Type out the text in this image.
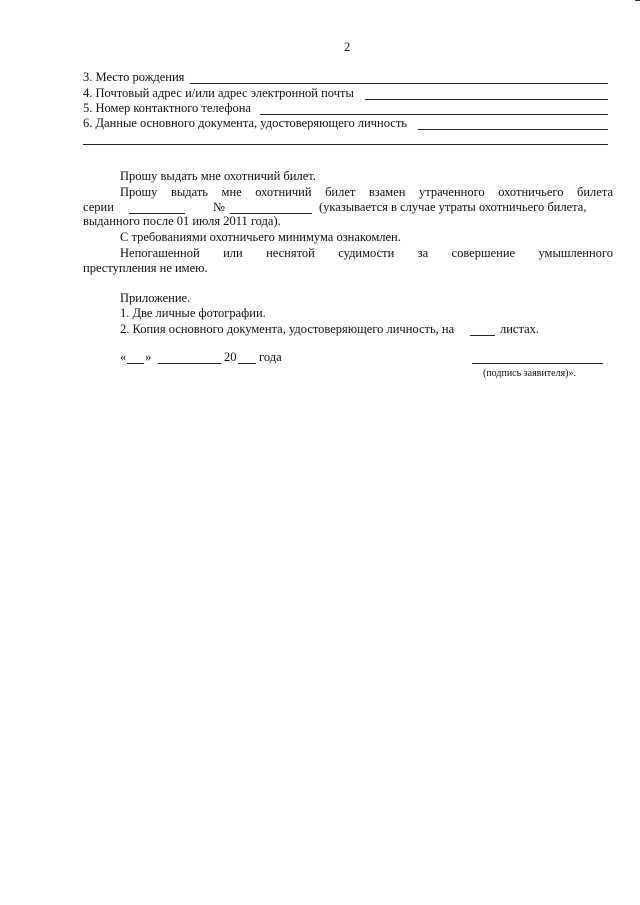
2
3. Место рождения
4. Почтовый адрес и/или адрес электронной почты
5. Номер контактного телефона
6. Данные основного документа, удостоверяющего личность
Прошу выдать мне охотничий билет.
Прошу выдать мне охотничий билет взамен утраченного охотничьего билета
серии	№	(указывается в случае утраты охотничьего билета,
выданного после 01 июля 2011 года).
С требованиями охотничьего минимума ознакомлен.
Непогашенной или неснятой судимости за совершение умышленного
преступления не имею.
Приложение.
1. Две личные фотографии.
2. Копия основного документа, удостоверяющего личность, на	листах.
« »	20 года
(подпись заявителя)».
